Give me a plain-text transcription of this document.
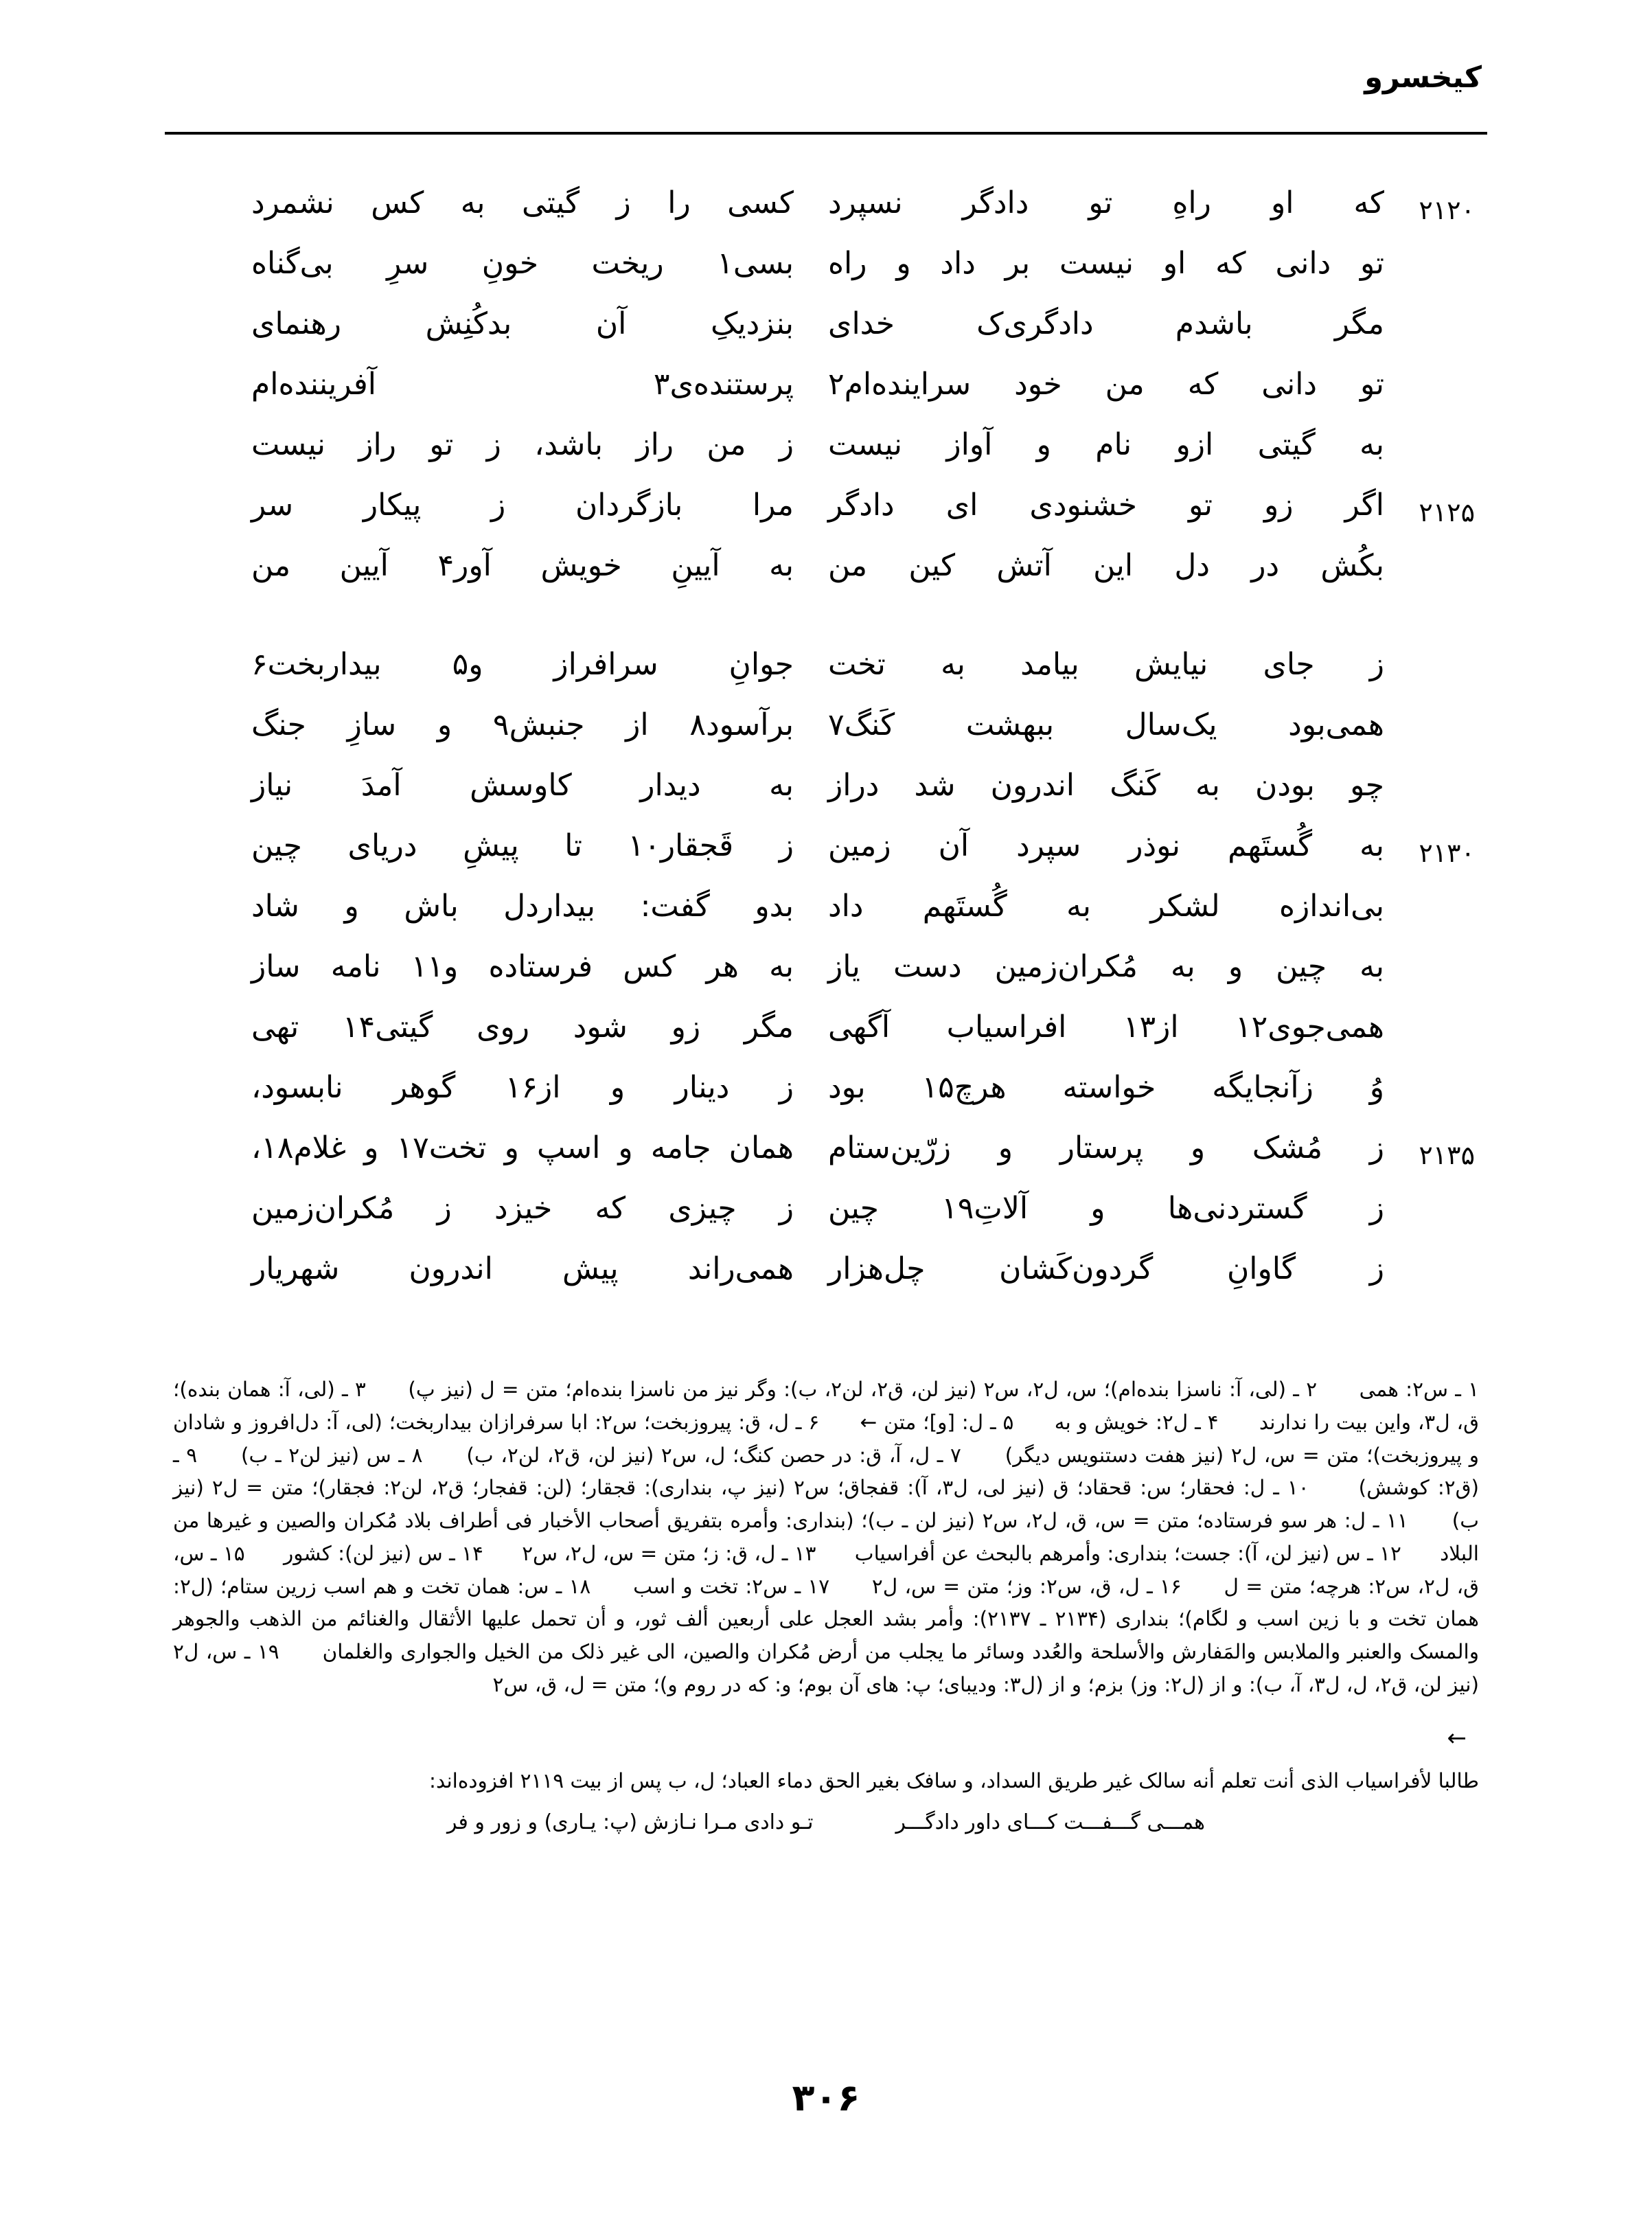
کیخسرو
۲۱۲۰
که او راهِ تو دادگر نسپرد
کسی را ز گیتی به کس نشمرد
تو دانی که او نیست بر داد و راه
بسی۱ ریخت خونِ سرِ بی‌گناه
مگر باشدم دادگری‌ک خدای
بنزدیکِ آن بدکُنِش رهنمای
تو دانی که من خود سراینده‌ام۲
پرستنده‌ی۳ آفریننده‌ام
به گیتی ازو نام و آواز نیست
ز من راز باشد، ز تو راز نیست
۲۱۲۵
اگر زو تو خشنودی ای دادگر
مرا بازگردان ز پیکار سر
بکُش در دل این آتش کین من
به آیینِ خویش آور۴ آیین من
ز جای نیایش بیامد به تخت
جوانِ سرافراز و۵ بیداربخت۶
همی‌بود یک‌سال ببهشت کَنگ۷
برآسود۸ از جنبش۹ و سازِ جنگ
چو بودن به کَنگ اندرون شد دراز
به دیدار کاوسش آمدَ نیاز
۲۱۳۰
به گُستَهم نوذر سپرد آن زمین
ز قَجقار۱۰ تا پیشِ دریای چین
بی‌اندازه لشکر به گُستَهم داد
بدو گفت: بیداردل باش و شاد
به چین و به مُکران‌زمین دست یاز
به هر کس فرستاده و۱۱ نامه ساز
همی‌جوی۱۲ از۱۳ افراسیاب آگهی
مگر زو شود روی گیتی۱۴ تهی
وُ زآنجایگه خواسته هرچ۱۵ بود
ز دینار و از۱۶ گوهر نابسود،
۲۱۳۵
ز مُشک و پرستار و زرّین‌ستام
همان جامه و اسپ و تخت۱۷ و غلام۱۸،
ز گستردنی‌ها و آلاتِ۱۹ چین
ز چیزی که خیزد ز مُکران‌زمین
ز گاوانِ گردون‌کَشان چل‌هزار
همی‌راند پیش اندرون شهریار
۱ ـ س۲: همی      ۲ ـ (لی، آ: ناسزا بنده‌ام)؛ س، ل۲، س۲ (نیز لن، ق۲، لن۲، ب): وگر نیز من ناسزا بنده‌ام؛ متن = ل (نیز پ)      ۳ ـ (لی، آ: همان بنده)؛ ق، ل۳، واین بیت را ندارند      ۴ ـ ل۲: خویش و به      ۵ ـ ل: [و]؛ متن ←      ۶ ـ ل، ق: پیروزبخت؛ س۲: ابا سرفرازان بیداربخت؛ (لی، آ: دل‌افروز و شادان و پیروزبخت)؛ متن = س، ل۲ (نیز هفت دستنویس دیگر)      ۷ ـ ل، آ، ق: در حصن کنگ؛ ل، س۲ (نیز لن، ق۲، لن۲، ب)      ۸ ـ س (نیز لن۲ ـ ب)      ۹ ـ (ق۲: کوشش)      ۱۰ ـ ل: فحقار؛ س: قحقاد؛ ق (نیز لی، ل۳، آ): قفجاق؛ س۲ (نیز پ، بنداری): قجقار؛ (لن: قفجار؛ ق۲، لن۲: فجقار)؛ متن = ل۲ (نیز ب)      ۱۱ ـ ل: هر سو فرستاده؛ متن = س، ق، ل۲، س۲ (نیز لن ـ ب)؛ (بنداری: وأمره بتفریق أصحاب الأخبار فی أطراف بلاد مُکران والصین و غیرها من البلاد      ۱۲ ـ س (نیز لن، آ): جست؛ بنداری: وأمرهم بالبحث عن أفراسیاب      ۱۳ ـ ل، ق: ز؛ متن = س، ل۲، س۲      ۱۴ ـ س (نیز لن): کشور      ۱۵ ـ س، ق، ل۲، س۲: هرچه؛ متن = ل      ۱۶ ـ ل، ق، س۲: وز؛ متن = س، ل۲      ۱۷ ـ س۲: تخت و اسب      ۱۸ ـ س: همان تخت و هم اسب زرین ستام؛ (ل۲: همان تخت و با زین اسب و لگام)؛ بنداری (۲۱۳۴ ـ ۲۱۳۷): وأمر بشد العجل علی أربعین ألف ثور، و أن تحمل علیها الأثقال والغنائم من الذهب والجوهر والمسک والعنبر والملابس والمَفارش والأسلحة والعُدد وسائر ما یجلب من أرض مُکران والصین، الی غیر ذلک من الخیل والجواری والغلمان      ۱۹ ـ س، ل۲ (نیز لن، ق۲، ل، ل۳، آ، ب): و از (ل۲: وز) بزم؛ و از (ل۳: ودیبای؛ پ: های آن بوم؛ و: که در روم و)؛ متن = ل، ق، س۲
←
طالبا لأفراسیاب الذی أنت تعلم أنه سالک غیر طریق السداد، و سافک بغیر الحق دماء العباد؛ ل، ب پس از بیت ۲۱۱۹ افزوده‌اند:
همـــی گـــفـــت کـــای داور دادگـــر
تـو دادی مـرا نـازش (پ: یـاری) و زور و فر
۳۰۶
